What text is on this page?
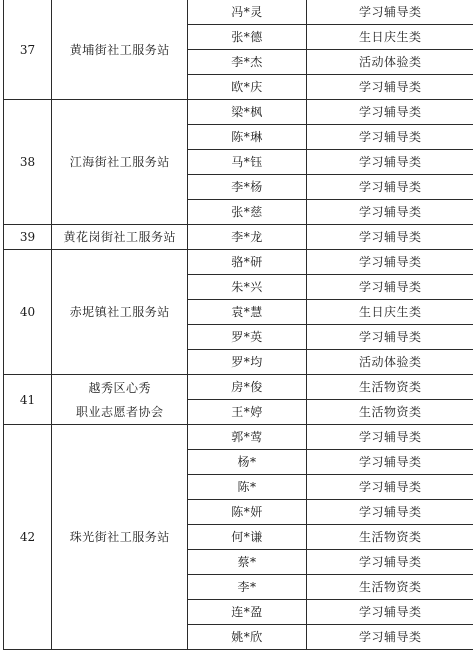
37	黄埔街社工服务站	冯*灵	学习辅导类
		张*德	生日庆生类
		李*杰	活动体验类
		欧*庆	学习辅导类
38	江海街社工服务站	梁*枫	学习辅导类
		陈*琳	学习辅导类
		马*钰	学习辅导类
		李*杨	学习辅导类
		张*慈	学习辅导类
39	黄花岗街社工服务站	李*龙	学习辅导类
40	赤坭镇社工服务站	骆*研	学习辅导类
		朱*兴	学习辅导类
		袁*慧	生日庆生类
		罗*英	学习辅导类
		罗*均	活动体验类
41	越秀区心秀
职业志愿者协会	房*俊	生活物资类
		王*婷	生活物资类
42	珠光街社工服务站	郭*莺	学习辅导类
		杨*	学习辅导类
		陈*	学习辅导类
		陈*妍	学习辅导类
		何*谦	生活物资类
		蔡*	学习辅导类
		李*	生活物资类
		连*盈	学习辅导类
		姚*欣	学习辅导类
